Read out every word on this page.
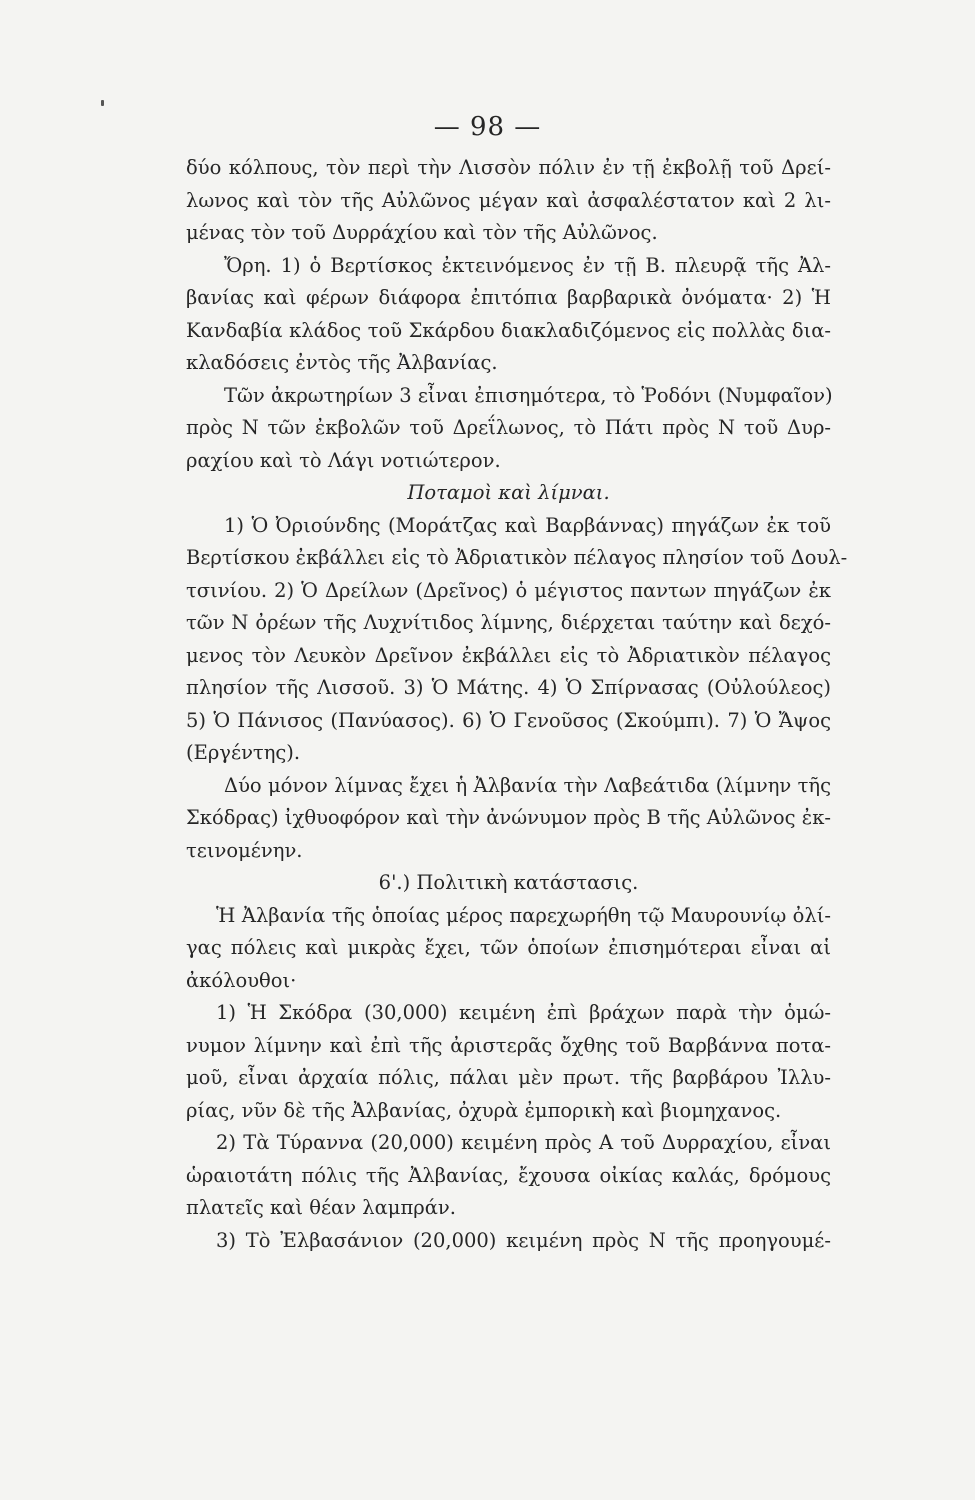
— 98 —
δύο κόλπους, τὸν περὶ τὴν Λισσὸν πόλιν ἐν τῇ ἐκβολῇ τοῦ Δρεί-
λωνος καὶ τὸν τῆς Αὐλῶνος μέγαν καὶ ἀσφαλέστατον καὶ 2 λι-
μένας τὸν τοῦ Δυρράχίου καὶ τὸν τῆς Αὐλῶνος.
Ὄρη. 1) ὁ Βερτίσκος ἐκτεινόμενος ἐν τῇ Β. πλευρᾷ τῆς Ἀλ-
βανίας καὶ φέρων διάφορα ἐπιτόπια βαρβαρικὰ ὀνόματα· 2) Ἡ
Κανδαβία κλάδος τοῦ Σκάρδου διακλαδιζόμενος εἰς πολλὰς δια-
κλαδόσεις ἐντὸς τῆς Ἀλβανίας.
Τῶν ἀκρωτηρίων 3 εἶναι ἐπισημότερα, τὸ Ῥοδόνι (Νυμφαῖον)
πρὸς Ν τῶν ἐκβολῶν τοῦ Δρεΐλωνος, τὸ Πάτι πρὸς Ν τοῦ Δυρ-
ραχίου καὶ τὸ Λάγι νοτιώτερον.
Ποταμοὶ καὶ λίμναι.
1) Ὁ Ὀριούνδης (Μοράτζας καὶ Βαρβάννας) πηγάζων ἐκ τοῦ
Βερτίσκου ἐκβάλλει εἰς τὸ Ἀδριατικὸν πέλαγος πλησίον τοῦ Δουλ-
τσινίου. 2) Ὁ Δρείλων (Δρεῖνος) ὁ μέγιστος παντων πηγάζων ἐκ
τῶν Ν ὀρέων τῆς Λυχνίτιδος λίμνης, διέρχεται ταύτην καὶ δεχό-
μενος τὸν Λευκὸν Δρεῖνον ἐκβάλλει εἰς τὸ Ἀδριατικὸν πέλαγος
πλησίον τῆς Λισσοῦ. 3) Ὁ Μάτης. 4) Ὁ Σπίρνασας (Οὐλούλεος)
5) Ὁ Πάνισος (Πανύασος). 6) Ὁ Γενοῦσος (Σκούμπι). 7) Ὁ Ἄψος
(Εργέντης).
Δύο μόνον λίμνας ἔχει ἡ Ἀλβανία τὴν Λαβεάτιδα (λίμνην τῆς
Σκόδρας) ἰχθυοφόρον καὶ τὴν ἀνώνυμον πρὸς Β τῆς Αὐλῶνος ἐκ-
τεινομένην.
6'.) Πολιτικὴ κατάστασις.
Ἡ Ἀλβανία τῆς ὁποίας μέρος παρεχωρήθη τῷ Μαυρουνίῳ ὀλί-
γας πόλεις καὶ μικρὰς ἔχει, τῶν ὁποίων ἐπισημότεραι εἶναι αἱ
ἀκόλουθοι·
1) Ἡ Σκόδρα (30,000) κειμένη ἐπὶ βράχων παρὰ τὴν ὁμώ-
νυμον λίμνην καὶ ἐπὶ τῆς ἀριστερᾶς ὄχθης τοῦ Βαρβάννα ποτα-
μοῦ, εἶναι ἀρχαία πόλις, πάλαι μὲν πρωτ. τῆς βαρβάρου Ἰλλυ-
ρίας, νῦν δὲ τῆς Ἀλβανίας, ὀχυρὰ ἐμπορικὴ καὶ βιομηχανος.
2) Τὰ Τύραννα (20,000) κειμένη πρὸς Α τοῦ Δυρραχίου, εἶναι
ὡραιοτάτη πόλις τῆς Ἀλβανίας, ἔχουσα οἰκίας καλάς, δρόμους
πλατεῖς καὶ θέαν λαμπράν.
3) Τὸ Ἐλβασάνιον (20,000) κειμένη πρὸς Ν τῆς προηγουμέ-
